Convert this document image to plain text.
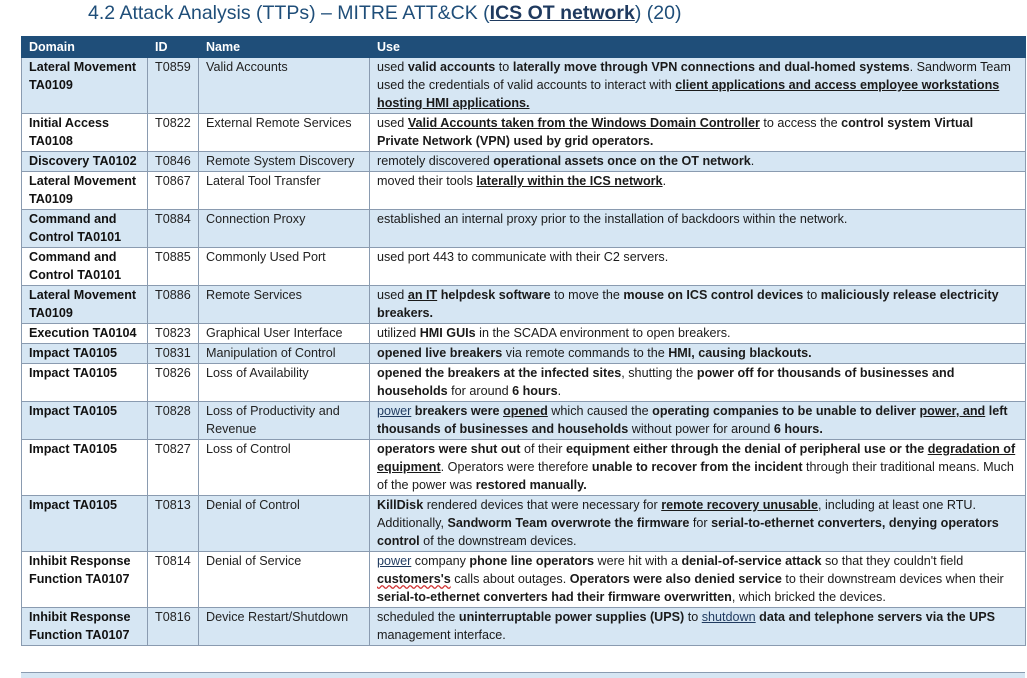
4.2 Attack Analysis (TTPs) – MITRE ATT&CK (ICS OT network) (20)
Domain	ID	Name	Use
Lateral Movement TA0109	T0859	Valid Accounts	used valid accounts to laterally move through VPN connections and dual-homed systems. Sandworm Team used the credentials of valid accounts to interact with client applications and access employee workstations hosting HMI applications.
Initial Access TA0108	T0822	External Remote Services	used Valid Accounts taken from the Windows Domain Controller to access the control system Virtual Private Network (VPN) used by grid operators.
Discovery TA0102	T0846	Remote System Discovery	remotely discovered operational assets once on the OT network.
Lateral Movement TA0109	T0867	Lateral Tool Transfer	moved their tools laterally within the ICS network.
Command and Control TA0101	T0884	Connection Proxy	established an internal proxy prior to the installation of backdoors within the network.
Command and Control TA0101	T0885	Commonly Used Port	used port 443 to communicate with their C2 servers.
Lateral Movement TA0109	T0886	Remote Services	used an IT helpdesk software to move the mouse on ICS control devices to maliciously release electricity breakers.
Execution TA0104	T0823	Graphical User Interface	utilized HMI GUIs in the SCADA environment to open breakers.
Impact TA0105	T0831	Manipulation of Control	opened live breakers via remote commands to the HMI, causing blackouts.
Impact TA0105	T0826	Loss of Availability	opened the breakers at the infected sites, shutting the power off for thousands of businesses and households for around 6 hours.
Impact TA0105	T0828	Loss of Productivity and Revenue	power breakers were opened which caused the operating companies to be unable to deliver power, and left thousands of businesses and households without power for around 6 hours.
Impact TA0105	T0827	Loss of Control	operators were shut out of their equipment either through the denial of peripheral use or the degradation of equipment. Operators were therefore unable to recover from the incident through their traditional means. Much of the power was restored manually.
Impact TA0105	T0813	Denial of Control	KillDisk rendered devices that were necessary for remote recovery unusable, including at least one RTU. Additionally, Sandworm Team overwrote the firmware for serial-to-ethernet converters, denying operators control of the downstream devices.
Inhibit Response Function TA0107	T0814	Denial of Service	power company phone line operators were hit with a denial-of-service attack so that they couldn't field customers's calls about outages. Operators were also denied service to their downstream devices when their serial-to-ethernet converters had their firmware overwritten, which bricked the devices.
Inhibit Response Function TA0107	T0816	Device Restart/Shutdown	scheduled the uninterruptable power supplies (UPS) to shutdown data and telephone servers via the UPS management interface.
